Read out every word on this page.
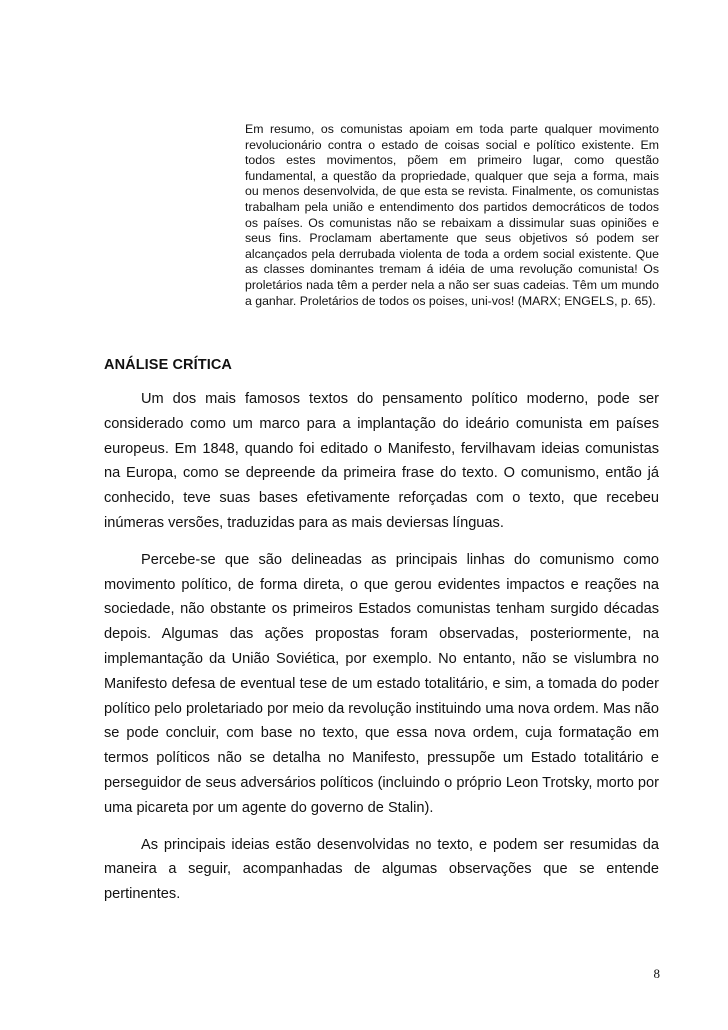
Em resumo, os comunistas apoiam em toda parte qualquer movimento revolucionário contra o estado de coisas social e político existente. Em todos estes movimentos, põem em primeiro lugar, como questão fundamental, a questão da propriedade, qualquer que seja a forma, mais ou menos desenvolvida, de que esta se revista. Finalmente, os comunistas trabalham pela união e entendimento dos partidos democráticos de todos os países. Os comunistas não se rebaixam a dissimular suas opiniões e seus fins. Proclamam abertamente que seus objetivos só podem ser alcançados pela derrubada violenta de toda a ordem social existente. Que as classes dominantes tremam á idéia de uma revolução comunista! Os proletários nada têm a perder nela a não ser suas cadeias. Têm um mundo a ganhar. Proletários de todos os poises, uni-vos! (MARX; ENGELS, p. 65).

ANÁLISE CRÍTICA

Um dos mais famosos textos do pensamento político moderno, pode ser considerado como um marco para a implantação do ideário comunista em países europeus. Em 1848, quando foi editado o Manifesto, fervilhavam ideias comunistas na Europa, como se depreende da primeira frase do texto. O comunismo, então já conhecido, teve suas bases efetivamente reforçadas com o texto, que recebeu inúmeras versões, traduzidas para as mais deviersas línguas.

Percebe-se que são delineadas as principais linhas do comunismo como movimento político, de forma direta, o que gerou evidentes impactos e reações na sociedade, não obstante os primeiros Estados comunistas tenham surgido décadas depois. Algumas das ações propostas foram observadas, posteriormente, na implemantação da União Soviética, por exemplo. No entanto, não se vislumbra no Manifesto defesa de eventual tese de um estado totalitário, e sim, a tomada do poder político pelo proletariado por meio da revolução instituindo uma nova ordem. Mas não se pode concluir, com base no texto, que essa nova ordem, cuja formatação em termos políticos não se detalha no Manifesto, pressupõe um Estado totalitário e perseguidor de seus adversários políticos (incluindo o próprio Leon Trotsky, morto por uma picareta por um agente do governo de Stalin).

As principais ideias estão desenvolvidas no texto, e podem ser resumidas da maneira a seguir, acompanhadas de algumas observações que se entende pertinentes.

8
